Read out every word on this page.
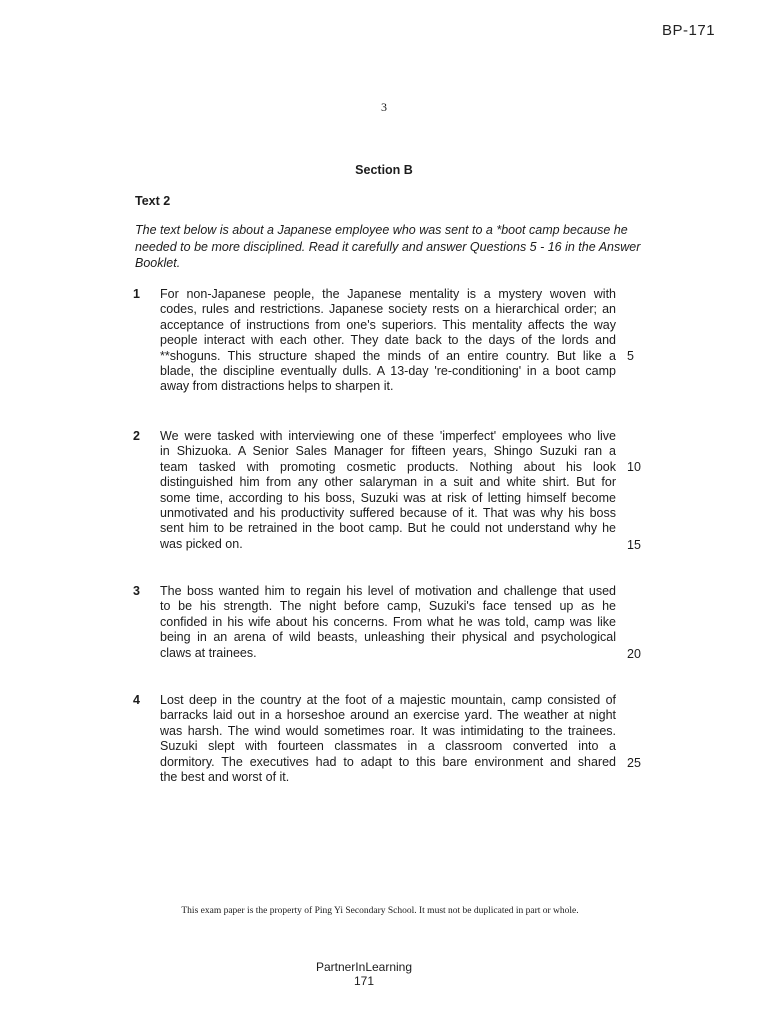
BP-171
3
Section B
Text 2
The text below is about a Japanese employee who was sent to a *boot camp because he needed to be more disciplined. Read it carefully and answer Questions 5 - 16 in the Answer Booklet.
1 For non-Japanese people, the Japanese mentality is a mystery woven with
codes, rules and restrictions. Japanese society rests on a hierarchical order; an
acceptance of instructions from one's superiors. This mentality affects the way
people interact with each other. They date back to the days of the lords and
**shoguns. This structure shaped the minds of an entire country. But like a
blade, the discipline eventually dulls. A 13-day 're-conditioning' in a boot camp
away from distractions helps to sharpen it.
5
2 We were tasked with interviewing one of these 'imperfect' employees who live
in Shizuoka. A Senior Sales Manager for fifteen years, Shingo Suzuki ran a
team tasked with promoting cosmetic products. Nothing about his look
distinguished him from any other salaryman in a suit and white shirt. But for
some time, according to his boss, Suzuki was at risk of letting himself become
unmotivated and his productivity suffered because of it. That was why his boss
sent him to be retrained in the boot camp. But he could not understand why he
was picked on.
10
15
3 The boss wanted him to regain his level of motivation and challenge that used
to be his strength. The night before camp, Suzuki's face tensed up as he
confided in his wife about his concerns. From what he was told, camp was like
being in an arena of wild beasts, unleashing their physical and psychological
claws at trainees.	20
4 Lost deep in the country at the foot of a majestic mountain, camp consisted of
barracks laid out in a horseshoe around an exercise yard. The weather at night
was harsh. The wind would sometimes roar. It was intimidating to the trainees.
Suzuki slept with fourteen classmates in a classroom converted into a
dormitory. The executives had to adapt to this bare environment and shared
the best and worst of it.
25
This exam paper is the property of Ping Yi Secondary School. It must not be duplicated in part or whole.
PartnerInLearning
171
